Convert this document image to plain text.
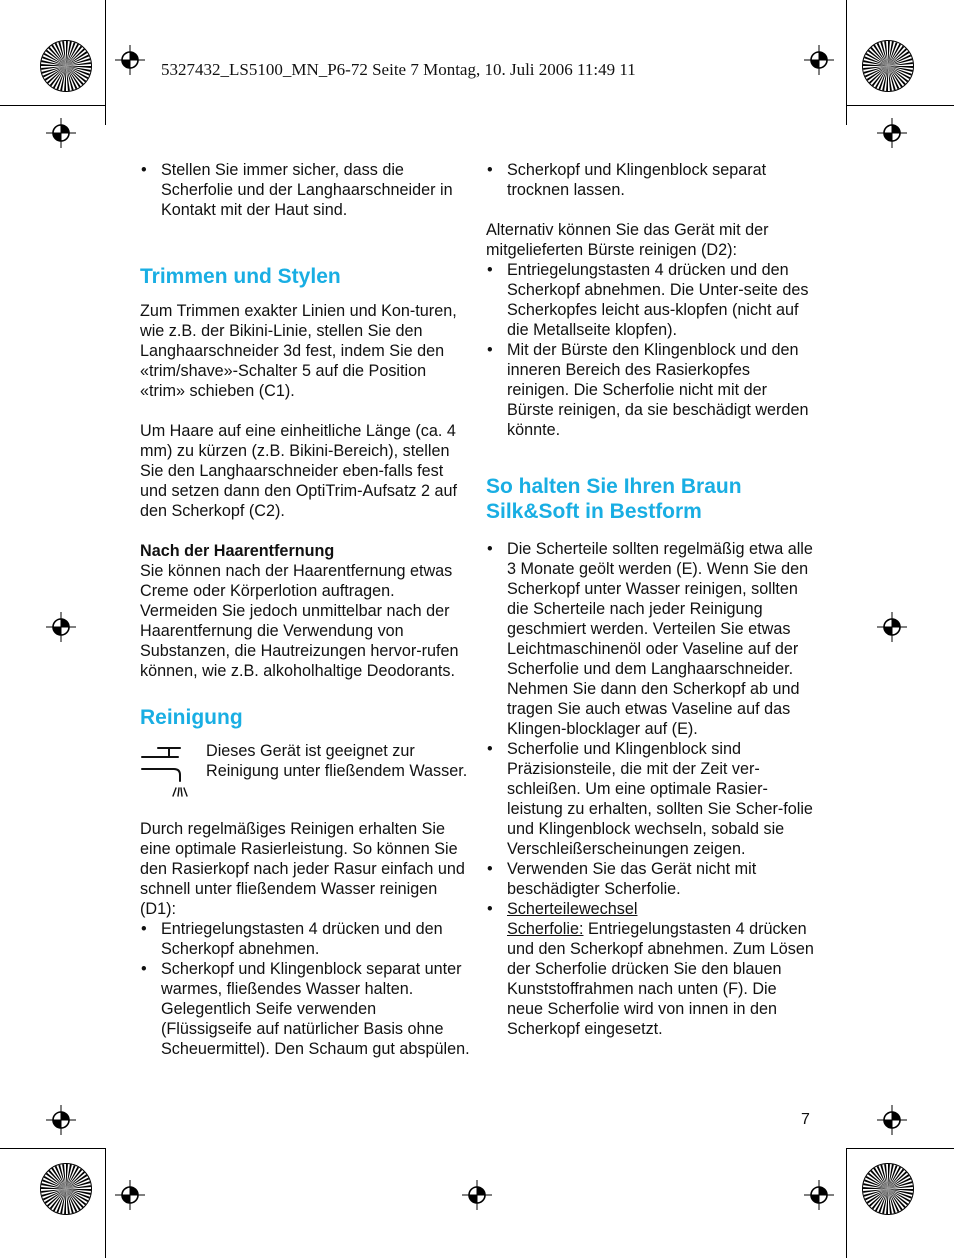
5327432_LS5100_MN_P6-72 Seite 7 Montag, 10. Juli 2006 11:49 11
• Stellen Sie immer sicher, dass die Scherfolie und der Langhaarschneider in Kontakt mit der Haut sind.
Trimmen und Stylen

Zum Trimmen exakter Linien und Kon-turen, wie z.B. der Bikini-Linie, stellen Sie den Langhaarschneider 3d fest, indem Sie den «trim/shave»-Schalter 5 auf die Position «trim» schieben (C1).

Um Haare auf eine einheitliche Länge (ca. 4 mm) zu kürzen (z.B. Bikini-Bereich), stellen Sie den Langhaarschneider eben-falls fest und setzen dann den OptiTrim-Aufsatz 2 auf den Scherkopf (C2).

Nach der Haarentfernung

Sie können nach der Haarentfernung etwas Creme oder Körperlotion auftragen. Vermeiden Sie jedoch unmittelbar nach der Haarentfernung die Verwendung von Substanzen, die Hautreizungen hervor-rufen können, wie z.B. alkoholhaltige Deodorants.

Reinigung

Dieses Gerät ist geeignet zur Reinigung unter fließendem Wasser.

Durch regelmäßiges Reinigen erhalten Sie eine optimale Rasierleistung. So können Sie den Rasierkopf nach jeder Rasur einfach und schnell unter fließendem Wasser reinigen (D1):

• Entriegelungstasten 4 drücken und den Scherkopf abnehmen.
• Scherkopf und Klingenblock separat unter warmes, fließendes Wasser halten. Gelegentlich Seife verwenden (Flüssigseife auf natürlicher Basis ohne Scheuermittel). Den Schaum gut abspülen.
• Scherkopf und Klingenblock separat trocknen lassen.

Alternativ können Sie das Gerät mit der mitgelieferten Bürste reinigen (D2):

• Entriegelungstasten 4 drücken und den Scherkopf abnehmen. Die Unter-seite des Scherkopfes leicht aus-klopfen (nicht auf die Metallseite klopfen).
• Mit der Bürste den Klingenblock und den inneren Bereich des Rasierkopfes reinigen. Die Scherfolie nicht mit der Bürste reinigen, da sie beschädigt werden könnte.
So halten Sie Ihren Braun
Silk&Soft in Bestform
• Die Scherteile sollten regelmäßig etwa alle 3 Monate geölt werden (E). Wenn Sie den Scherkopf unter Wasser reinigen, sollten die Scherteile nach jeder Reinigung geschmiert werden. Verteilen Sie etwas Leichtmaschinenöl oder Vaseline auf der Scherfolie und dem Langhaarschneider. Nehmen Sie dann den Scherkopf ab und tragen Sie auch etwas Vaseline auf das Klingen-blocklager auf (E).
• Scherfolie und Klingenblock sind Präzisionsteile, die mit der Zeit ver-schleißen. Um eine optimale Rasier-leistung zu erhalten, sollten Sie Scher-folie und Klingenblock wechseln, sobald sie Verschleißerscheinungen zeigen.
• Verwenden Sie das Gerät nicht mit beschädigter Scherfolie.
• Scherteilewechsel
Scherfolie: Entriegelungstasten 4 drücken und den Scherkopf abnehmen. Zum Lösen der Scherfolie drücken Sie den blauen Kunststoffrahmen nach unten (F). Die neue Scherfolie wird von innen in den Scherkopf eingesetzt.
7
